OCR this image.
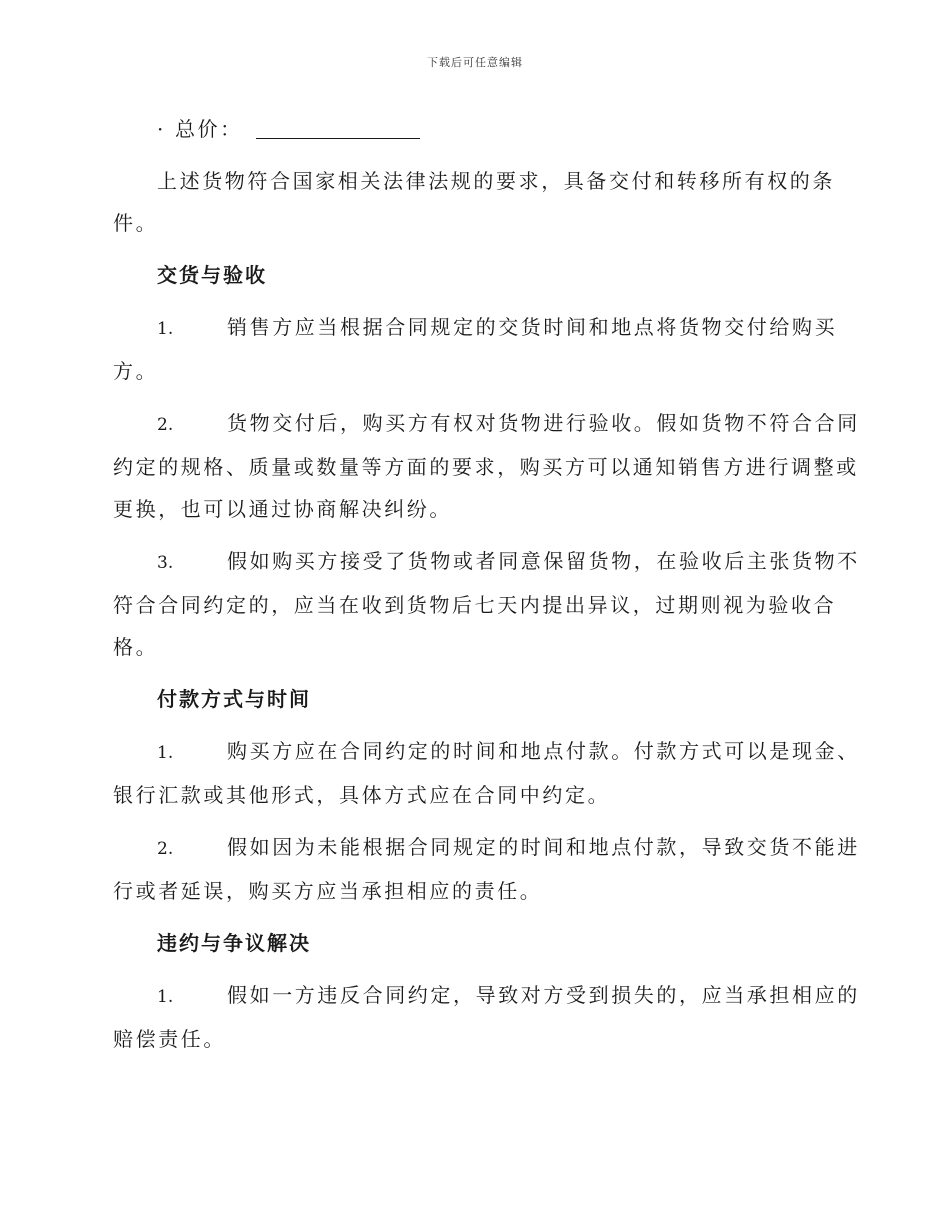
下载后可任意编辑
· 总价：
上述货物符合国家相关法律法规的要求，具备交付和转移所有权的条
件。
交货与验收
1.	销售方应当根据合同规定的交货时间和地点将货物交付给购买
方。
2.	货物交付后，购买方有权对货物进行验收。假如货物不符合合同
约定的规格、质量或数量等方面的要求，购买方可以通知销售方进行调整或
更换，也可以通过协商解决纠纷。
3.	假如购买方接受了货物或者同意保留货物，在验收后主张货物不
符合合同约定的，应当在收到货物后七天内提出异议，过期则视为验收合
格。
付款方式与时间
1.	购买方应在合同约定的时间和地点付款。付款方式可以是现金、
银行汇款或其他形式，具体方式应在合同中约定。
2.	假如因为未能根据合同规定的时间和地点付款，导致交货不能进
行或者延误，购买方应当承担相应的责任。
违约与争议解决
1.	假如一方违反合同约定，导致对方受到损失的，应当承担相应的
赔偿责任。
